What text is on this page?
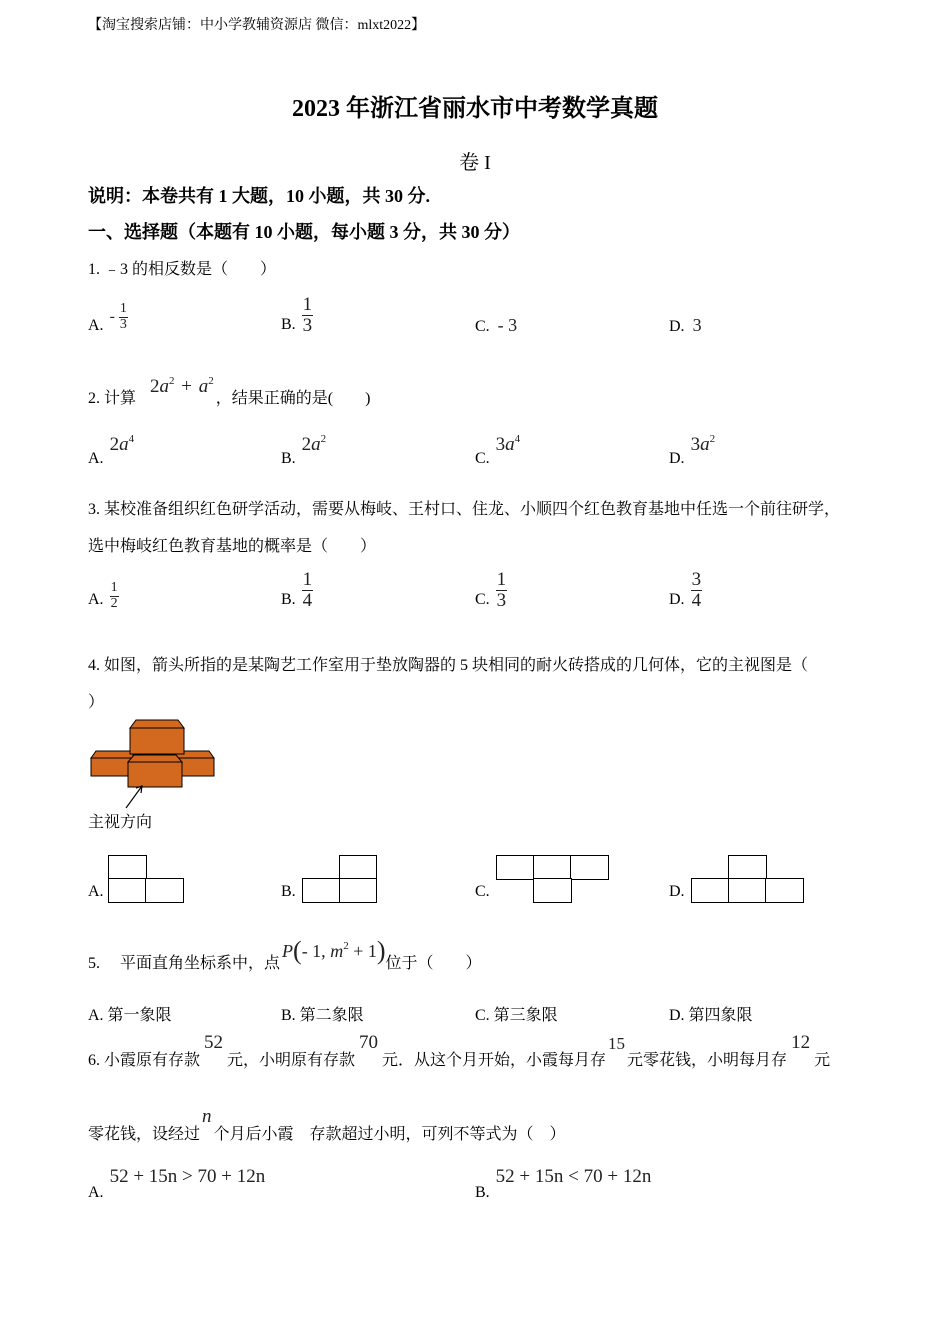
【淘宝搜索店铺：中小学教辅资源店 微信：mlxt2022】
2023 年浙江省丽水市中考数学真题
卷 I
说明：本卷共有 1 大题，10 小题，共 30 分.
一、选择题（本题有 10 小题，每小题 3 分，共 30 分）
1. ﹣3 的相反数是（　　）
A.
- $\frac{1}{3}$	B. $\frac{1}{3}$	C. - 3	D. 3
2. 计算
$2a^2 + a^2$
，结果正确的是(　　)
A.
$2a^4$
B.
$2a^2$
C.
$3a^4$
D.
$3a^2$
3. 某校准备组织红色研学活动，需要从梅岐、王村口、住龙、小顺四个红色教育基地中任选一个前往研学，
选中梅岐红色教育基地的概率是（　　）
A. $\frac{1}{2}$	B. $\frac{1}{4}$	C. $\frac{1}{3}$	D. $\frac{3}{4}$
4. 如图，箭头所指的是某陶艺工作室用于垫放陶器的 5 块相同的耐火砖搭成的几何体，它的主视图是（
）
主视方向
A.	B.	C.	D.
5.　 平面直角坐标系中，点
P(- 1, $m^2 + 1$) 位于（　　）
A. 第一象限	B. 第二象限	C. 第三象限	D. 第四象限
6. 小霞原有存款
52
元，小明原有存款
70
元．从这个月开始，小霞每月存
15
元零花钱，小明每月存
12
元
零花钱，设经过
n
个月后小霞　存款超过小明，可列不等式为（　）
A.
52 + 15n > 70 + 12n
B.
52 + 15n < 70 + 12n
